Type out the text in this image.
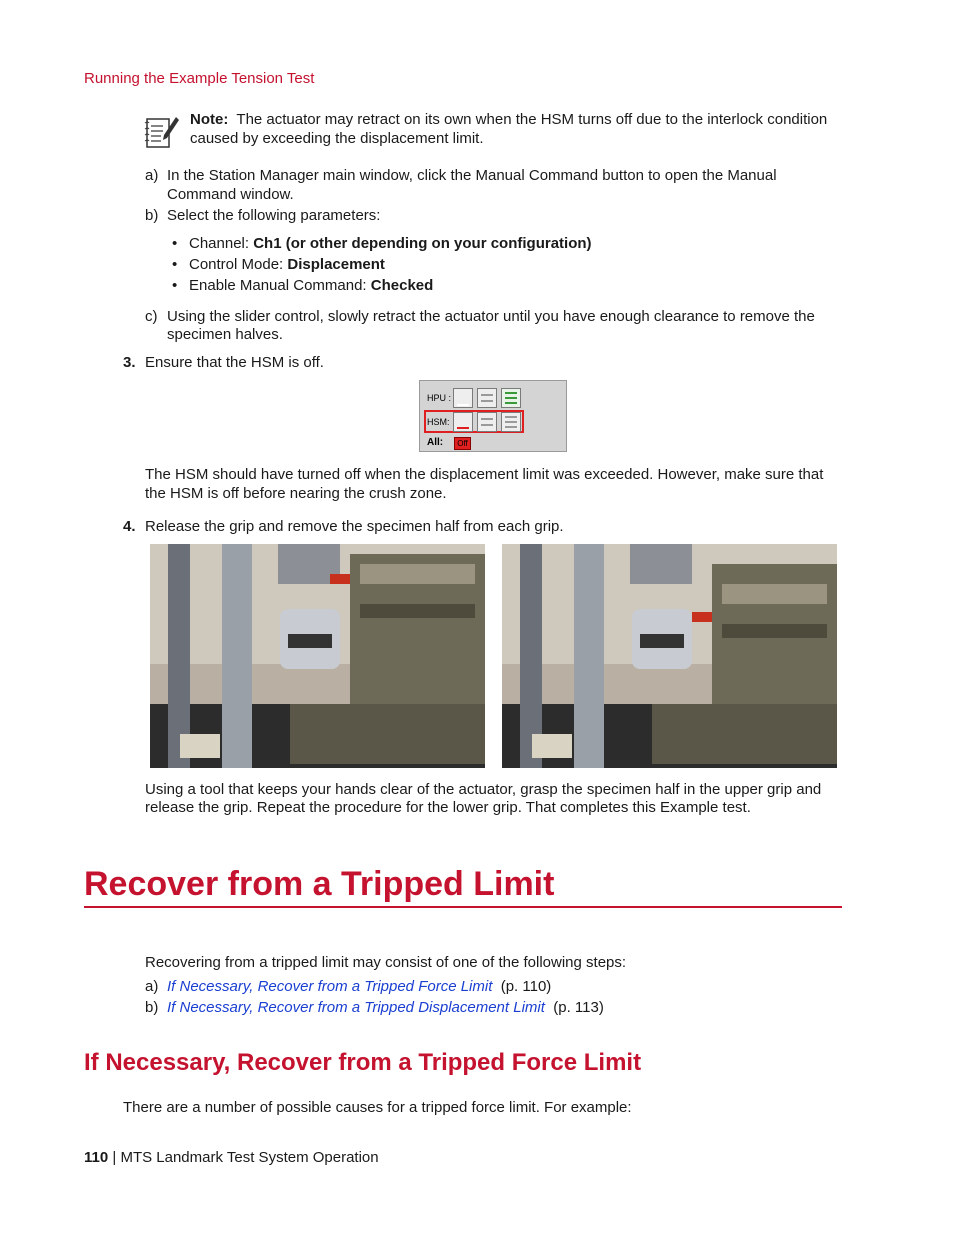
Running the Example Tension Test
Note: The actuator may retract on its own when the HSM turns off due to the interlock condition
caused by exceeding the displacement limit.
a) In the Station Manager main window, click the Manual Command button to open the Manual
Command window.
b) Select the following parameters:
• Channel: Ch1 (or other depending on your configuration)
• Control Mode: Displacement
• Enable Manual Command: Checked
c) Using the slider control, slowly retract the actuator until you have enough clearance to remove the
specimen halves.
3. Ensure that the HSM is off.
HPU :
HSM:
All:	Off
The HSM should have turned off when the displacement limit was exceeded. However, make sure that
the HSM is off before nearing the crush zone.
4. Release the grip and remove the specimen half from each grip.
Using a tool that keeps your hands clear of the actuator, grasp the specimen half in the upper grip and
release the grip. Repeat the procedure for the lower grip. That completes this Example test.
Recover from a Tripped Limit
Recovering from a tripped limit may consist of one of the following steps:
a) If Necessary, Recover from a Tripped Force Limit (p. 110)
b) If Necessary, Recover from a Tripped Displacement Limit (p. 113)
If Necessary, Recover from a Tripped Force Limit
There are a number of possible causes for a tripped force limit. For example:
110 | MTS Landmark Test System Operation
